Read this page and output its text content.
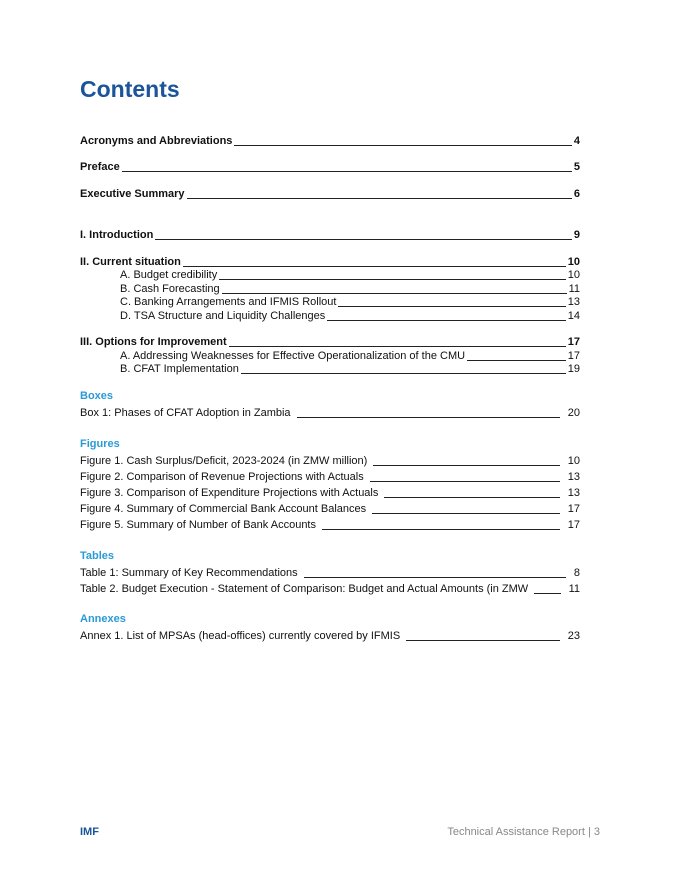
Contents
Acronyms and Abbreviations	4
Preface	5
Executive Summary	6
I. Introduction	9
II. Current situation	10
A. Budget credibility	10
B. Cash Forecasting	11
C. Banking Arrangements and IFMIS Rollout	13
D. TSA Structure and Liquidity Challenges	14
III. Options for Improvement	17
A. Addressing Weaknesses for Effective Operationalization of the CMU	17
B. CFAT Implementation	19
Boxes
Box 1: Phases of CFAT Adoption in Zambia	20
Figures
Figure 1. Cash Surplus/Deficit, 2023-2024 (in ZMW million)	10
Figure 2. Comparison of Revenue Projections with Actuals	13
Figure 3. Comparison of Expenditure Projections with Actuals	13
Figure 4. Summary of Commercial Bank Account Balances	17
Figure 5. Summary of Number of Bank Accounts	17
Tables
Table 1: Summary of Key Recommendations	8
Table 2. Budget Execution - Statement of Comparison: Budget and Actual Amounts (in ZMW	11
Annexes
Annex 1. List of MPSAs (head-offices) currently covered by IFMIS	23
IMF	Technical Assistance Report | 3
